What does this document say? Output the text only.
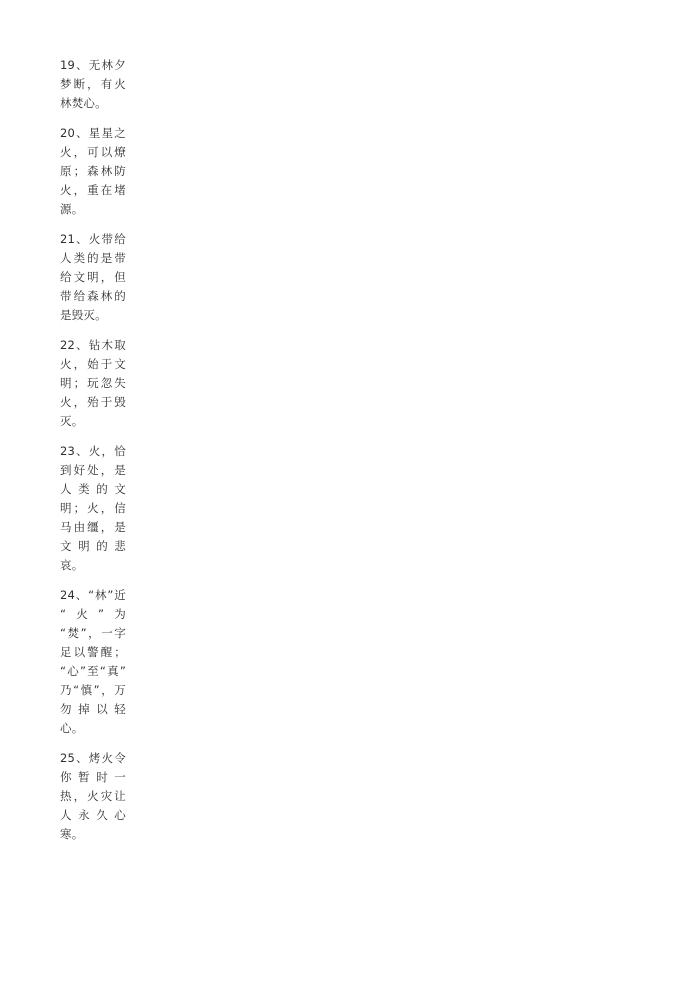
19、无林夕梦断，有火林焚心。

20、星星之火，可以燎原；森林防火，重在堵源。

21、火带给人类的是带给文明，但带给森林的是毁灭。

22、钻木取火，始于文明；玩忽失火，殆于毁灭。

23、火，恰到好处，是人类的文明；火，信马由缰，是文明的悲哀。

24、“林”近“火”为“焚”，一字足以警醒；“心”至“真”乃“慎”，万勿掉以轻心。

25、烤火令你暂时一热，火灾让人永久心寒。
